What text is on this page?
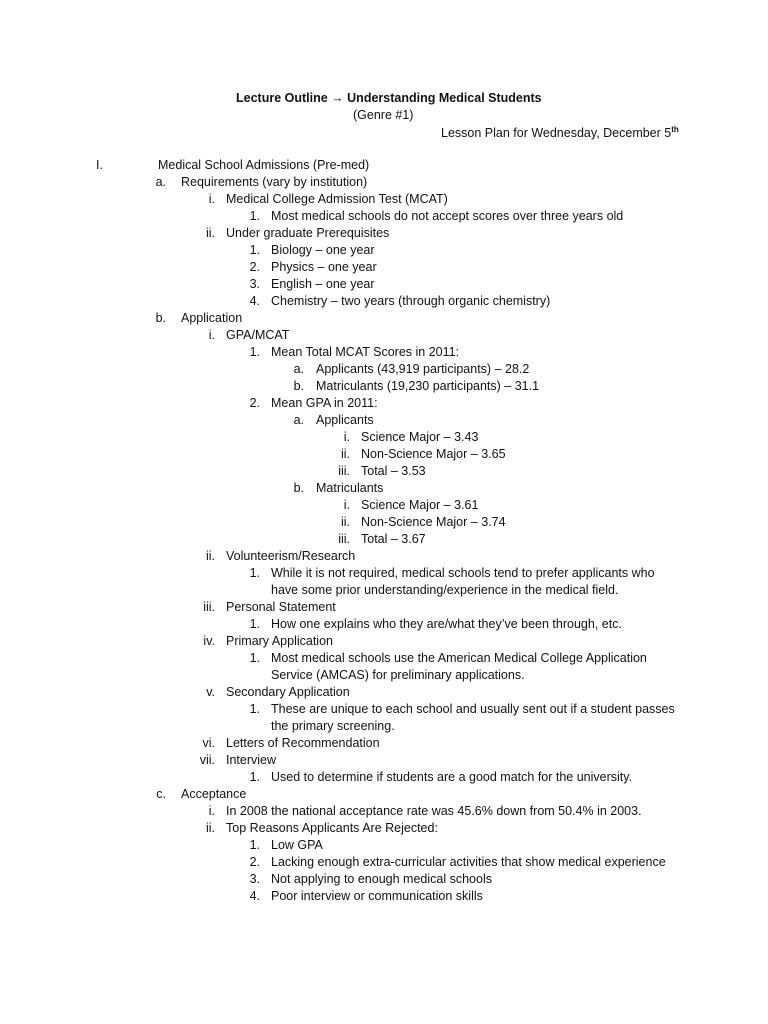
Lecture Outline → Understanding Medical Students
(Genre #1)
Lesson Plan for Wednesday, December 5th
I.	Medical School Admissions (Pre-med)
a. Requirements (vary by institution)
i. Medical College Admission Test (MCAT)
1. Most medical schools do not accept scores over three years old
ii. Under graduate Prerequisites
1. Biology – one year
2. Physics – one year
3. English – one year
4. Chemistry – two years (through organic chemistry)
b. Application
i. GPA/MCAT
1. Mean Total MCAT Scores in 2011:
a. Applicants (43,919 participants) – 28.2
b. Matriculants (19,230 participants) – 31.1
2. Mean GPA in 2011:
a. Applicants
i. Science Major – 3.43
ii. Non-Science Major – 3.65
iii. Total – 3.53
b. Matriculants
i. Science Major – 3.61
ii. Non-Science Major – 3.74
iii. Total – 3.67
ii. Volunteerism/Research
1. While it is not required, medical schools tend to prefer applicants who
have some prior understanding/experience in the medical field.
iii. Personal Statement
1. How one explains who they are/what they’ve been through, etc.
iv. Primary Application
1. Most medical schools use the American Medical College Application
Service (AMCAS) for preliminary applications.
v. Secondary Application
1. These are unique to each school and usually sent out if a student passes
the primary screening.
vi. Letters of Recommendation
vii. Interview
1. Used to determine if students are a good match for the university.
c. Acceptance
i. In 2008 the national acceptance rate was 45.6% down from 50.4% in 2003.
ii. Top Reasons Applicants Are Rejected:
1. Low GPA
2. Lacking enough extra-curricular activities that show medical experience
3. Not applying to enough medical schools
4. Poor interview or communication skills
